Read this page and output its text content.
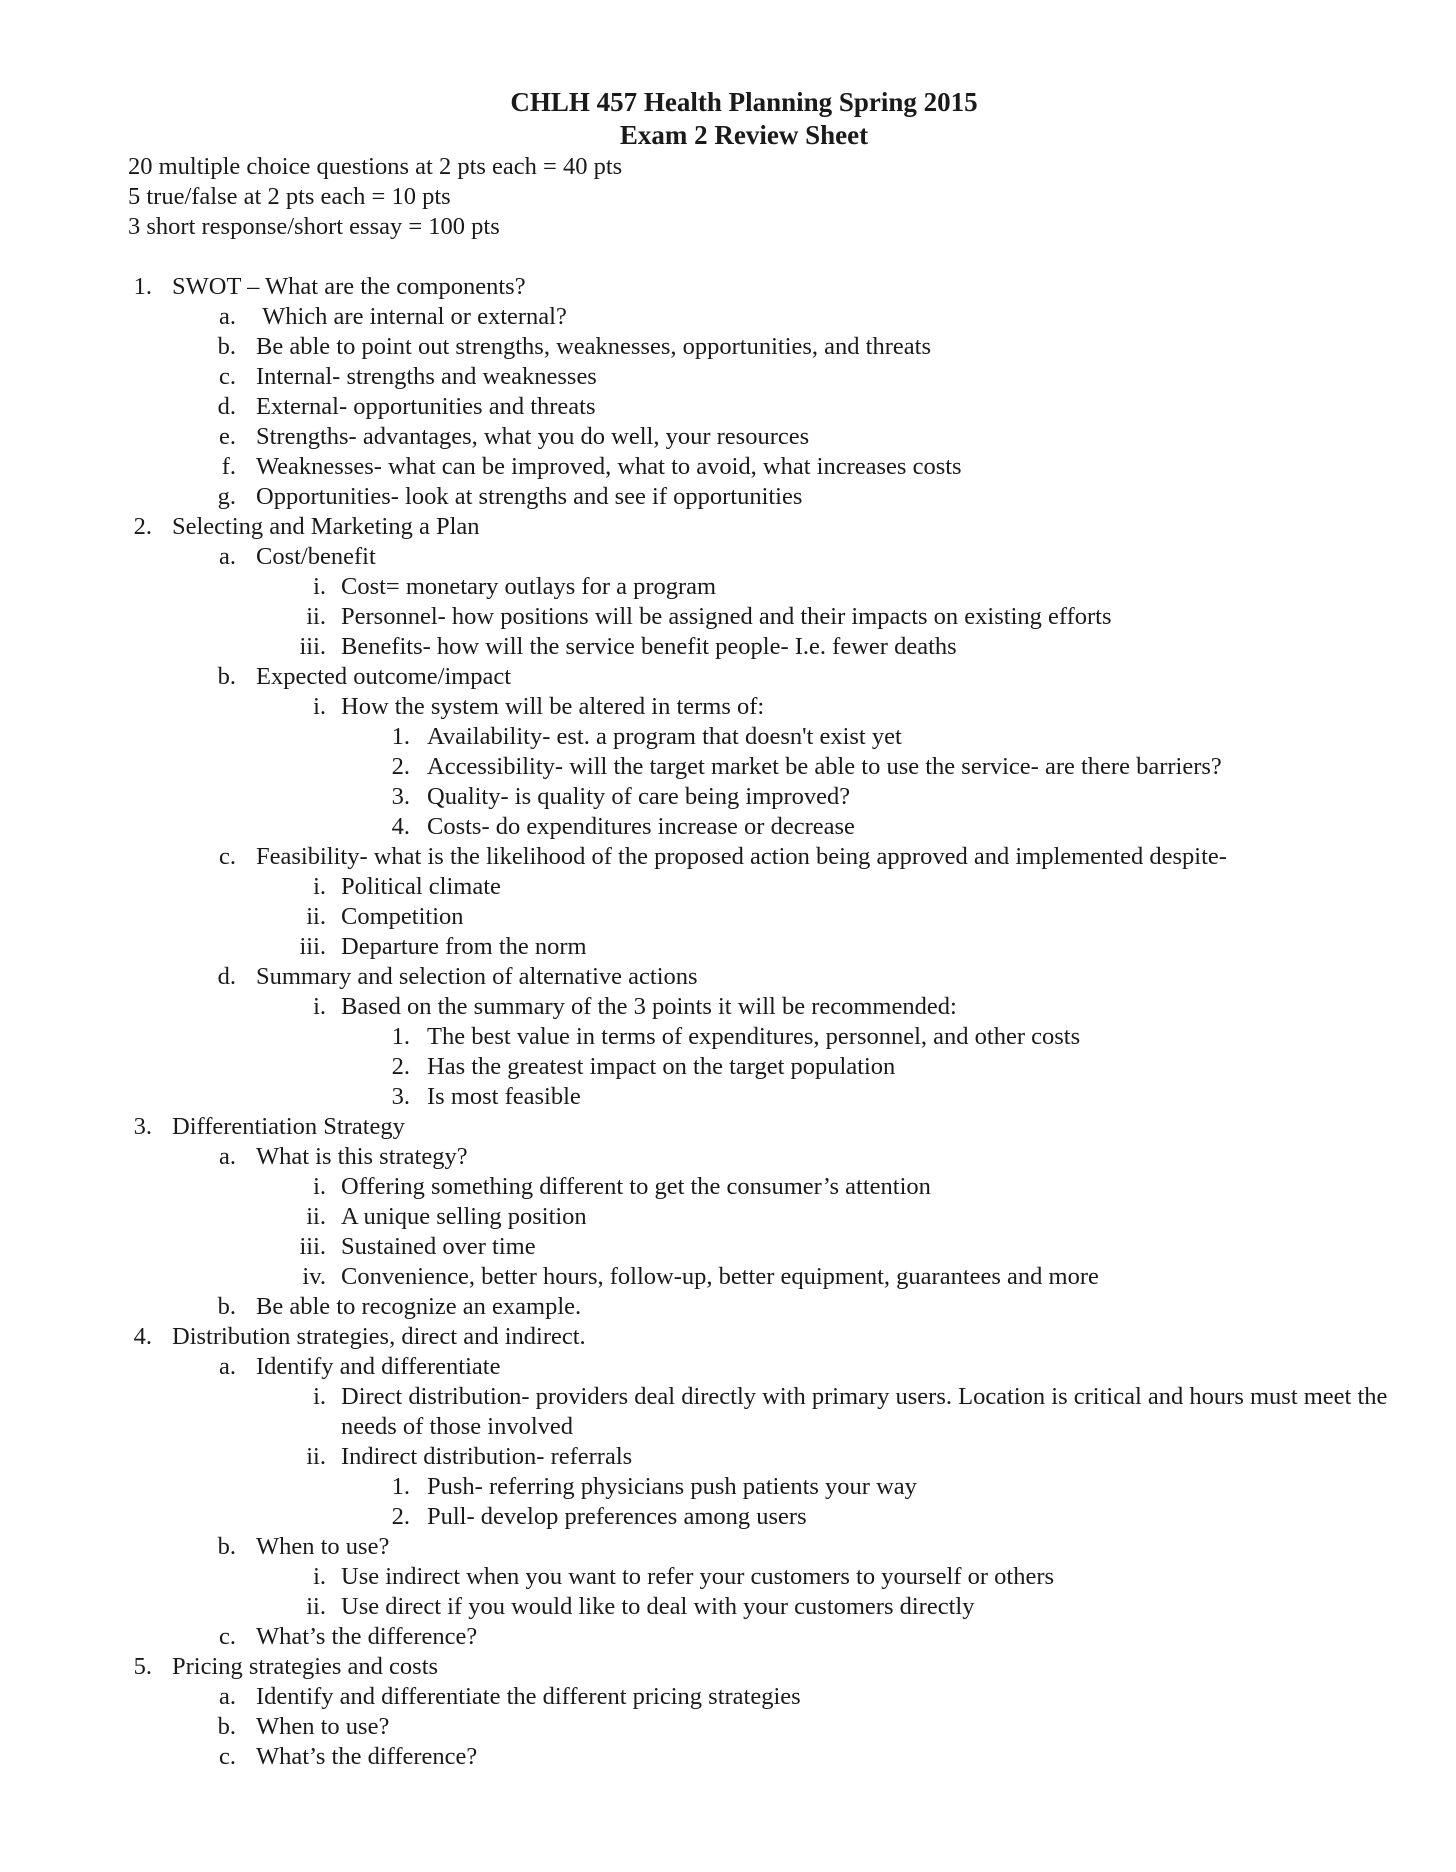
CHLH 457 Health Planning Spring 2015
Exam 2 Review Sheet
20 multiple choice questions at 2 pts each = 40 pts
5 true/false at 2 pts each = 10 pts
3 short response/short essay = 100 pts
1. SWOT – What are the components?
a. Which are internal or external?
b. Be able to point out strengths, weaknesses, opportunities, and threats
c. Internal- strengths and weaknesses
d. External- opportunities and threats
e. Strengths- advantages, what you do well, your resources
f. Weaknesses- what can be improved, what to avoid, what increases costs
g. Opportunities- look at strengths and see if opportunities
2. Selecting and Marketing a Plan
a. Cost/benefit
i. Cost= monetary outlays for a program
ii. Personnel- how positions will be assigned and their impacts on existing efforts
iii. Benefits- how will the service benefit people- I.e. fewer deaths
b. Expected outcome/impact
i. How the system will be altered in terms of:
1. Availability- est. a program that doesn't exist yet
2. Accessibility- will the target market be able to use the service- are there barriers?
3. Quality- is quality of care being improved?
4. Costs- do expenditures increase or decrease
c. Feasibility- what is the likelihood of the proposed action being approved and implemented despite-
i. Political climate
ii. Competition
iii. Departure from the norm
d. Summary and selection of alternative actions
i. Based on the summary of the 3 points it will be recommended:
1. The best value in terms of expenditures, personnel, and other costs
2. Has the greatest impact on the target population
3. Is most feasible
3. Differentiation Strategy
a. What is this strategy?
i. Offering something different to get the consumer’s attention
ii. A unique selling position
iii. Sustained over time
iv. Convenience, better hours, follow-up, better equipment, guarantees and more
b. Be able to recognize an example.
4. Distribution strategies, direct and indirect.
a. Identify and differentiate
i. Direct distribution- providers deal directly with primary users. Location is critical and hours must meet the needs of those involved
ii. Indirect distribution- referrals
1. Push- referring physicians push patients your way
2. Pull- develop preferences among users
b. When to use?
i. Use indirect when you want to refer your customers to yourself or others
ii. Use direct if you would like to deal with your customers directly
c. What’s the difference?
5. Pricing strategies and costs
a. Identify and differentiate the different pricing strategies
b. When to use?
c. What’s the difference?
